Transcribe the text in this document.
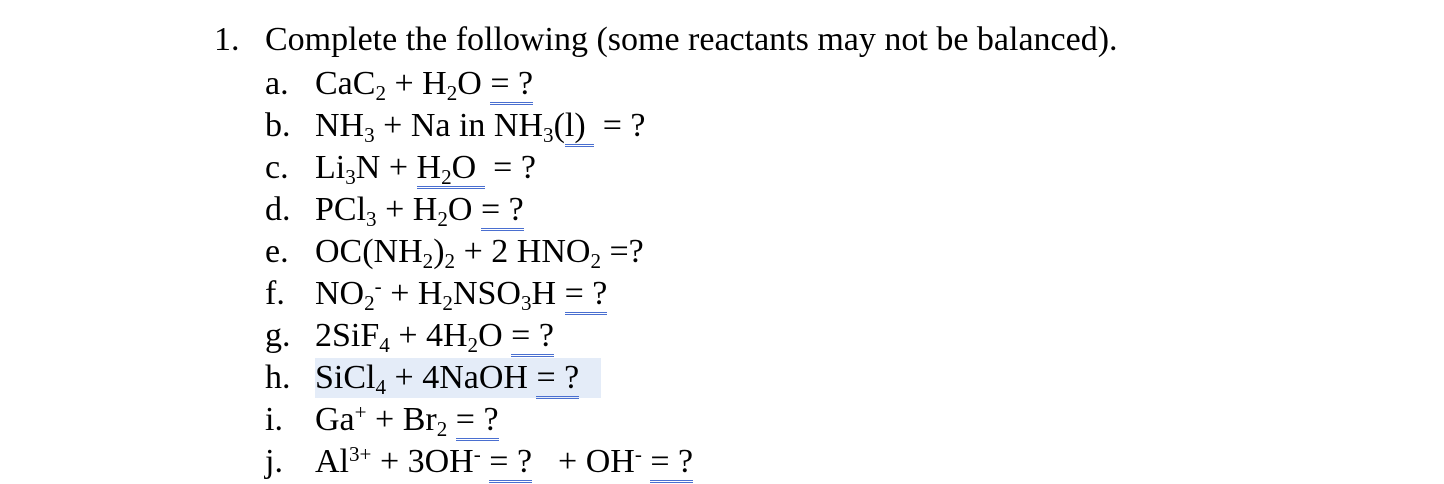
1. Complete the following (some reactants may not be balanced).
a. $CaC_2 + H_2O$ = ?
b. $NH_3 + Na$ in $NH_3(l)$  = ?
c. $Li_3N + H_2O$  = ?
d. $PCl_3 + H_2O$ = ?
e. $OC(NH_2)_2 + 2$ $HNO_2$ =?
f. $NO_2^- + H_2NSO_3H$ = ?
g. $2SiF_4 + 4H_2O$ = ?
h. SiCl$_4$ + 4NaOH = ?
i. $Ga^+ + Br_2$ = ?
j. $Al^{3+} + 3OH^-$ = ? + OH- = ?
